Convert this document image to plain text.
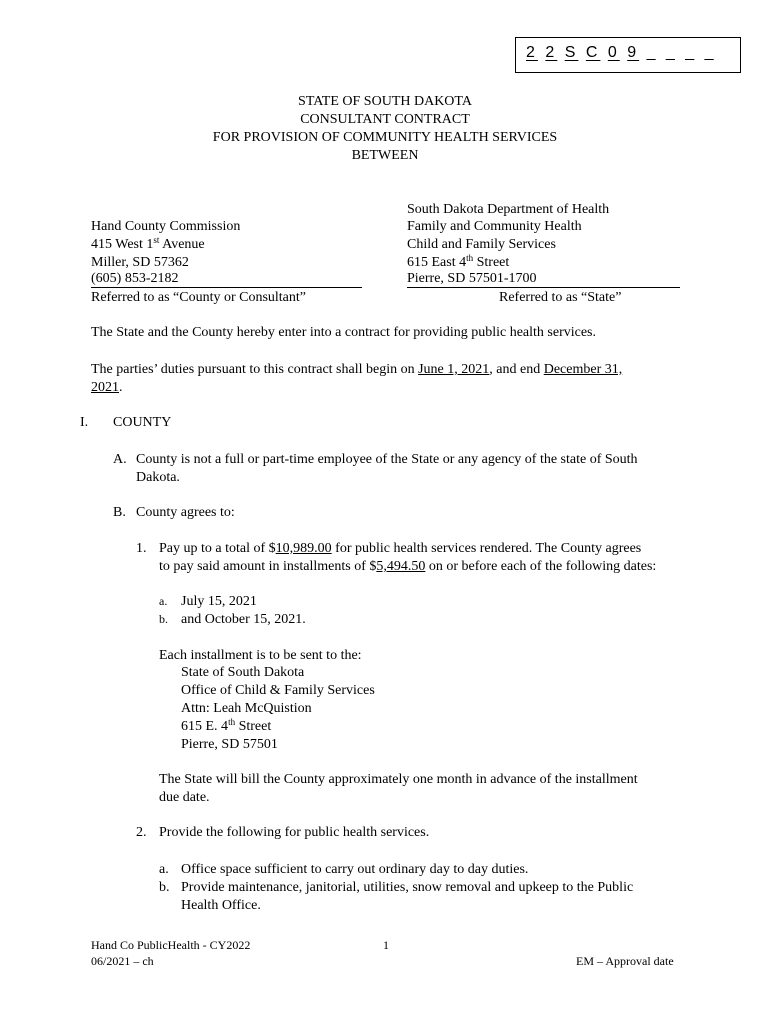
2 2 S C 0 9 _ _ _ _
STATE OF SOUTH DAKOTA
CONSULTANT CONTRACT
FOR PROVISION OF COMMUNITY HEALTH SERVICES
BETWEEN
Hand County Commission
415 West 1st Avenue
Miller, SD 57362
(605) 853-2182
Referred to as “County or Consultant”
South Dakota Department of Health
Family and Community Health
Child and Family Services
615 East 4th Street
Pierre, SD 57501-1700
Referred to as “State”
The State and the County hereby enter into a contract for providing public health services.
The parties’ duties pursuant to this contract shall begin on June 1, 2021, and end December 31,
2021.
I. COUNTY
A. County is not a full or part-time employee of the State or any agency of the state of South
Dakota.
B. County agrees to:
1. Pay up to a total of $10,989.00 for public health services rendered. The County agrees
to pay said amount in installments of $5,494.50 on or before each of the following dates:
a. July 15, 2021
b. and October 15, 2021.
Each installment is to be sent to the:
State of South Dakota
Office of Child & Family Services
Attn: Leah McQuistion
615 E. 4th Street
Pierre, SD 57501
The State will bill the County approximately one month in advance of the installment
due date.
2. Provide the following for public health services.
a. Office space sufficient to carry out ordinary day to day duties.
b. Provide maintenance, janitorial, utilities, snow removal and upkeep to the Public
Health Office.
Hand Co PublicHealth - CY2022
06/2021 – ch
1
EM – Approval date
